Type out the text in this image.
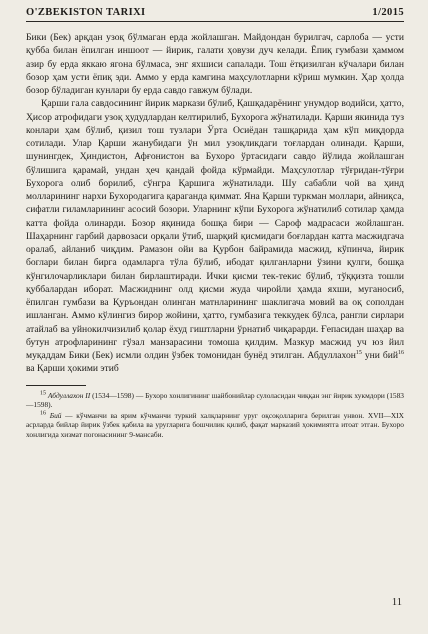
O'ZBEKISTON TARIXI	1/2015

Бики (Бек) арқдан узоқ бўлмаган ерда жойлашган. Майдондан бурилгач, сарлоба — усти қубба билан ёпилган иншоот — йирик, галати ҳовузи дуч келади. Ёпиқ гумбази ҳаммом азир бу ерда яккаю ягона бўлмаса, энг яхшиси сапалади. Тош ётқизилган кўчалари билан бозор ҳам усти ёпиқ эди. Аммо у ерда камгина маҳсулотларни кўриш мумкин. Ҳар ҳолда бозор бўладиган кунлари бу ерда савдо гавжум бўлади.

Қарши гала савдосининг йирик маркази бўлиб, Қашқадарёнинг унумдор водийси, ҳатто, Ҳисор атрофидаги узоқ ҳудудлардан келтирилиб, Бухорога жўнатилади. Қарши якинида туз конлари ҳам бўлиб, қизил тош тузлари Ўрта Осиёдан ташқарида ҳам кўп миқдорда сотилади. Улар Қарши жанубидаги ўн мил узоқликдаги тоғлардан олинади. Қарши, шунингдек, Ҳиндистон, Афғонистон ва Бухоро ўртасидаги савдо йўлида жойлашган бўлишига қарамай, ундан ҳеч қандай фойда кўрмайди. Маҳсулотлар тўғридан-тўғри Бухорога олиб борилиб, сўнгра Қаршига жўнатилади. Шу сабабли чой ва ҳинд молларининг нархи Бухородагига қараганда қиммат. Яна Қарши туркман моллари, айниқса, сифатли гиламларининг асосий бозори. Уларнинг кўпи Бухорога жўнатилиб сотилар ҳамда катта фойда олинарди. Бозор яқинида бошқа бири — Сароф мадрасаси жойлашган. Шаҳарнинг гарбий дарвозаси орқали ўтиб, шарқий қисмидаги боғлардан катта масжидгача оралаб, айланиб чиқдим. Рамазон ойи ва Қурбон байрамида масжид, кўпинча, йирик боглари билан бирга одамларга тўла бўлиб, ибодат қилганларни ўзини қулги, бошқа кўнгилочарликлари билан бирлаштиради. Ички қисми тек-текис бўлиб, тўққизта тошли қуббалардан иборат. Масжиднинг олд қисми жуда чиройли ҳамда яхши, муганосиб, ёпилган гумбази ва Қуръондан олинган матнларининг шаклигача мовий ва оқ сополдан ишланган. Аммо кўлингиз бирор жойини, ҳатто, гумбазига теккудек бўлса, рангли сирлари атайлаб ва уйнокилчизилиб қолар ёхуд гиштларни ўрнатиб чиқарарди. Ғепасидан шаҳар ва бутун атрофларининг гўзал манзарасини томоша қилдим. Мазкур масжид уч юз йил муқаддам Бики (Бек) исмли олдин ўзбек томонидан бунёд этилган. Абдуллахон$^{15}$ уни бий$^{16}$ ва Қарши ҳокими этиб

$^{15}$ Абдуллахон II (1534—1598) — Бухоро хонлигининг шайбонийлар сулоласидан чиққан энг йирик хукмдори (1583—1598).

$^{16}$ Бий — кўчманчи ва ярим кўчманчи туркий халқларнинг уруг оқсоқолларига берилган унвон. XVII—XIX асрларда бийлар йирик ўзбек қабила ва уругларига бошчилик қилиб, фақат марказий ҳокимиятга итоат этган. Бухоро хонлигида хизмат погонасининг 9-мансаби.

11
